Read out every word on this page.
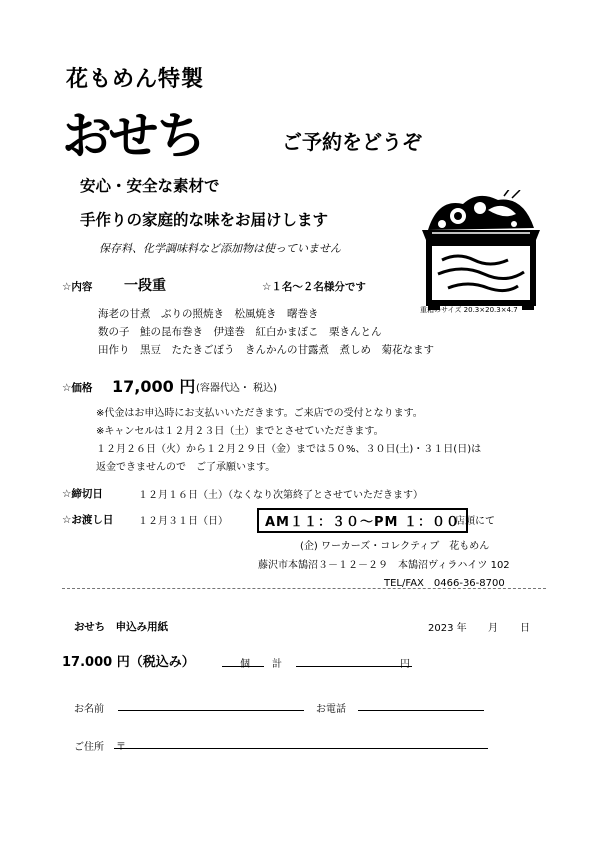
花もめん特製
おせち	ご予約をどうぞ
安心・安全な素材で
手作りの家庭的な味をお届けします
保存料、化学調味料など添加物は使っていません
重箱のサイズ 20.3×20.3×4.7
☆内容 一段重	☆１名～２名様分です
海老の甘煮　ぶりの照焼き　松風焼き　曙巻き
数の子　鮭の昆布巻き　伊達巻　紅白かまぼこ　栗きんとん
田作り　黒豆　たたきごぼう　きんかんの甘露煮　煮しめ　菊花なます
☆価格 17,000 円 (容器代込・ 税込)
※代金はお申込時にお支払いいただきます。ご来店での受付となります。
※キャンセルは１２月２３日（土）までとさせていただきます。
１２月２６日（火）から１２月２９日（金）までは５０%、３０日(土)・３１日(日)は
返金できませんので　ご了承願います。
☆締切日	１２月１６日（土）（なくなり次第終了とさせていただきます）
☆お渡し日 １２月３１日（日）	AM１１：３０～PM １：００
店頭にて
(企) ワーカーズ・コレクティブ　花もめん
藤沢市本鵠沼３－１２－２９　本鵠沼ヴィラハイツ 102
TEL/FAX　0466-36-8700
おせち　申込み用紙	2023 年 月 日
17.000 円（税込み）	個 計	円
お名前	お電話
ご住所 〒
